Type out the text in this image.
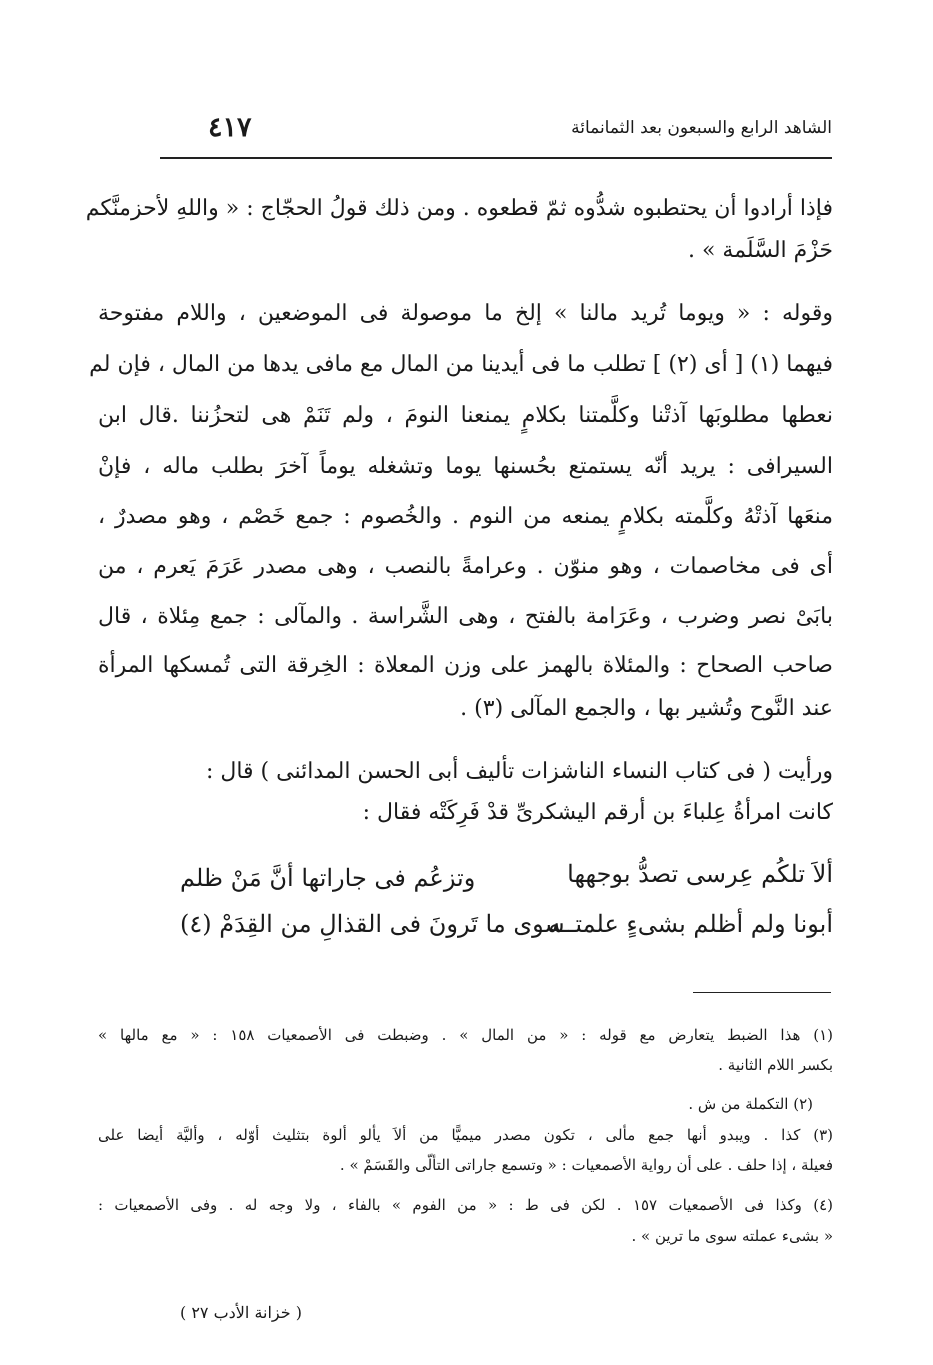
الشاهد الرابع والسبعون بعد الثمانمائة
٤١٧
فإذا أرادوا أن يحتطبوه شدُّوه ثمّ قطعوه . ومن ذلك قولُ الحجّاج : « واللهِ لأحزمنَّكم
حَزْمَ السَّلَمة » .
وقوله : « ويوما تُريد مالنا » إلخ ما موصولة فى الموضعين ، واللام مفتوحة
فيهما (١) [ أى (٢) ] تطلب ما فى أيدينا من المال مع مافى يدها من المال ، فإن لم
نعطها مطلوبَها آذتْنا وكلَّمتنا بكلامٍ يمنعنا النومَ ، ولم تَنَمْ هى لتحزُننا .قال ابن
السيرافى : يريد أنّه يستمتع بحُسنها يوما وتشغله يوماً آخرَ بطلب ماله ، فإنْ
منعَها آذتْهُ وكلَّمته بكلامٍ يمنعه من النوم . والخُصوم : جمع خَصْم ، وهو مصدرٌ ،
أى فى مخاصمات ، وهو منوّن . وعرامةً بالنصب ، وهى مصدر عَرَمَ يَعرم ، من
بابَىْ نصر وضرب ، وعَرَامة بالفتح ، وهى الشَّراسة . والمآلى : جمع مِئلاة ، قال
صاحب الصحاح : والمئلاة بالهمز على وزن المعلاة : الخِرقة التى تُمسكها المرأة
عند النَّوح وتُشير بها ، والجمع المآلى (٣) .
ورأيت ( فى كتاب النساء الناشزات تأليف أبى الحسن المدائنى ) قال :
كانت امرأةُ عِلباءَ بن أرقم اليشكرىِّ قدْ فَرِكَتْه فقال :
ألاَ تلكُم عِرسى تصدُّ بوجهها
وتزعُم فى جاراتها أنَّ مَنْ ظلم
أبونا ولم أظلم بشىءٍ علمتــه
سوى ما تَرونَ فى القذالِ من القِدَمْ (٤)
(١) هذا الضبط يتعارض مع قوله : « من المال » . وضبطت فى الأصمعيات ١٥٨ : « مع مالها »
بكسر اللام الثانية .
(٢) التكملة من ش .
(٣) كذا . ويبدو أنها جمع مألى ، تكون مصدر ميميًّا من ألاَ يألو ألوة بتثليث أوّله ، وأليَّة أيضا على
فعيلة ، إذا حلف . على أن رواية الأصمعيات : « وتسمع جاراتى التألّى والقَسَمْ » .
(٤) وكذا فى الأصمعيات ١٥٧ . لكن فى ط : « من الفوم » بالفاء ، ولا وجه له . وفى الأصمعيات :
« بشىء عملته سوى ما ترين » .
( خزانة الأدب ٢٧ )
